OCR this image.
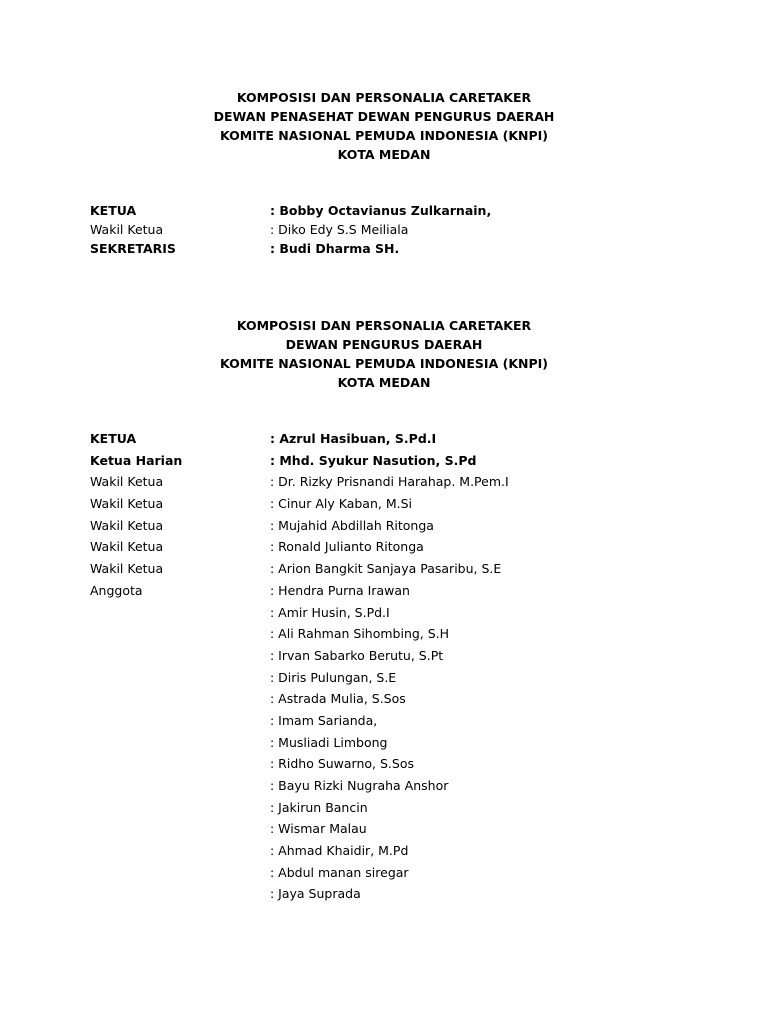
KOMPOSISI DAN PERSONALIA CARETAKER
DEWAN PENASEHAT DEWAN PENGURUS DAERAH
KOMITE NASIONAL PEMUDA INDONESIA (KNPI)
KOTA MEDAN
KETUA	: Bobby Octavianus Zulkarnain,
Wakil Ketua	: Diko Edy S.S Meiliala
SEKRETARIS	: Budi Dharma SH.
KOMPOSISI DAN PERSONALIA CARETAKER
DEWAN PENGURUS DAERAH
KOMITE NASIONAL PEMUDA INDONESIA (KNPI)
KOTA MEDAN
KETUA	: Azrul Hasibuan, S.Pd.I
Ketua Harian	: Mhd. Syukur Nasution, S.Pd
Wakil Ketua	: Dr. Rizky Prisnandi Harahap. M.Pem.I
Wakil Ketua	: Cinur Aly Kaban, M.Si
Wakil Ketua	: Mujahid Abdillah Ritonga
Wakil Ketua	: Ronald Julianto Ritonga
Wakil Ketua	: Arion Bangkit Sanjaya Pasaribu, S.E
Anggota	: Hendra Purna Irawan
: Amir Husin, S.Pd.I
: Ali Rahman Sihombing, S.H
: Irvan Sabarko Berutu, S.Pt
: Diris Pulungan, S.E
: Astrada Mulia, S.Sos
: Imam Sarianda,
: Musliadi Limbong
: Ridho Suwarno, S.Sos
: Bayu Rizki Nugraha Anshor
: Jakirun Bancin
: Wismar Malau
: Ahmad Khaidir, M.Pd
: Abdul manan siregar
: Jaya Suprada
